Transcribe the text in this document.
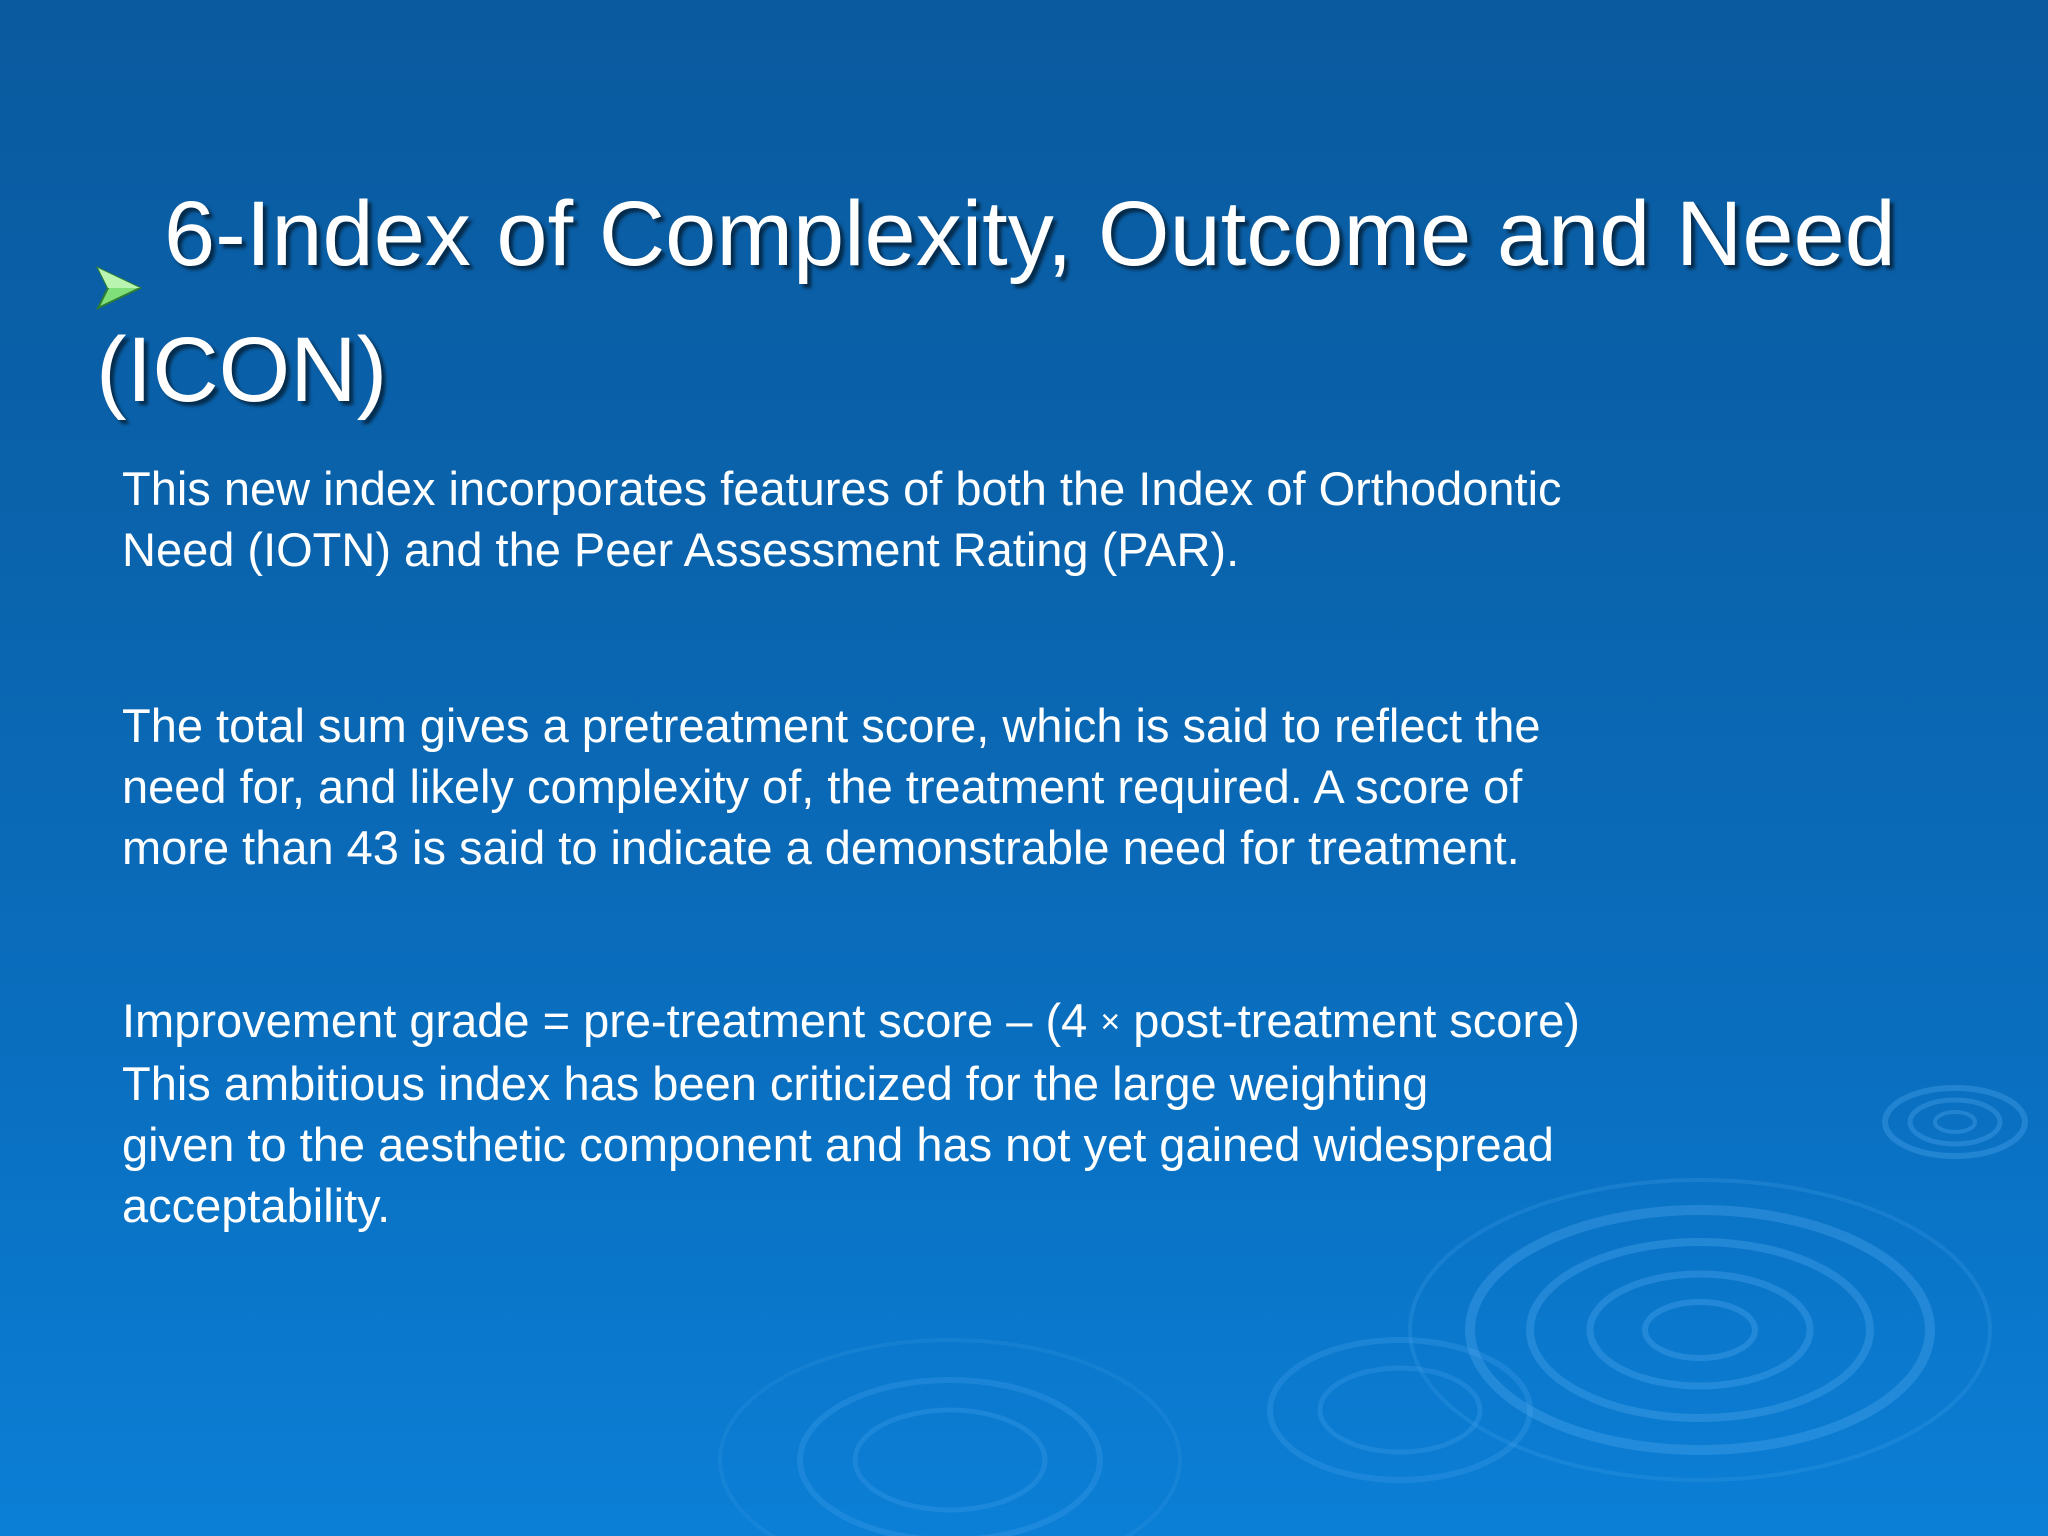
6-Index of Complexity, Outcome and Need
(ICON)

This new index incorporates features of both the Index of Orthodontic
Need (IOTN) and the Peer Assessment Rating (PAR).

The total sum gives a pretreatment score, which is said to reflect the
need for, and likely complexity of, the treatment required. A score of
more than 43 is said to indicate a demonstrable need for treatment.

Improvement grade = pre-treatment score – (4 × post-treatment score)
This ambitious index has been criticized for the large weighting
given to the aesthetic component and has not yet gained widespread
acceptability.
